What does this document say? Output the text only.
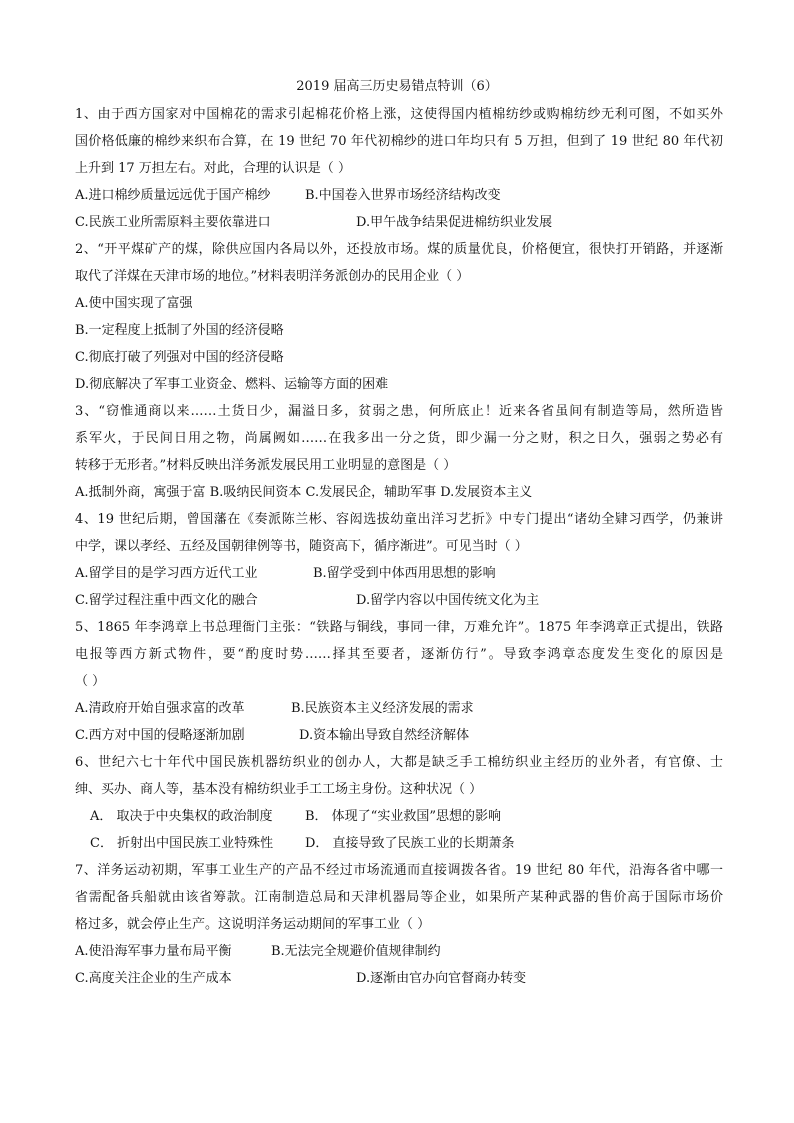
2019 届高三历史易错点特训（6）
1、由于西方国家对中国棉花的需求引起棉花价格上涨，这使得国内植棉纺纱或购棉纺纱无利可图，不如买外
国价格低廉的棉纱来织布合算，在 19 世纪 70 年代初棉纱的进口年均只有 5 万担，但到了 19 世纪 80 年代初
上升到 17 万担左右。对此，合理的认识是（ ）
A.进口棉纱质量远远优于国产棉纱	B.中国卷入世界市场经济结构改变
C.民族工业所需原料主要依靠进口	D.甲午战争结果促进棉纺织业发展
2、“开平煤矿产的煤，除供应国内各局以外，还投放市场。煤的质量优良，价格便宜，很快打开销路，并逐渐
取代了洋煤在天津市场的地位。”材料表明洋务派创办的民用企业（ ）
A.使中国实现了富强
B.一定程度上抵制了外国的经济侵略
C.彻底打破了列强对中国的经济侵略
D.彻底解决了军事工业资金、燃料、运输等方面的困难
3、“窃惟通商以来……土货日少，漏溢日多，贫弱之患，何所底止！近来各省虽间有制造等局，然所造皆
系军火，于民间日用之物，尚属阙如……在我多出一分之货，即少漏一分之财，积之日久，强弱之势必有
转移于无形者。”材料反映出洋务派发展民用工业明显的意图是（ ）
A.抵制外商，寓强于富 B.吸纳民间资本 C.发展民企，辅助军事 D.发展资本主义
4、19 世纪后期，曾国藩在《奏派陈兰彬、容闳选拔幼童出洋习艺折》中专门提出“诸幼全肄习西学，仍兼讲
中学，课以孝经、五经及国朝律例等书，随资高下，循序渐进”。可见当时（ ）
A.留学目的是学习西方近代工业	B.留学受到中体西用思想的影响
C.留学过程注重中西文化的融合	D.留学内容以中国传统文化为主
5、1865 年李鸿章上书总理衙门主张：“铁路与铜线，事同一律，万难允许”。1875 年李鸿章正式提出，铁路
电报等西方新式物件，要“酌度时势……择其至要者，逐渐仿行”。导致李鸿章态度发生变化的原因是
（ ）
A.清政府开始自强求富的改革	B.民族资本主义经济发展的需求
C.西方对中国的侵略逐渐加剧	D.资本输出导致自然经济解体
6、世纪六七十年代中国民族机器纺织业的创办人，大都是缺乏手工棉纺织业主经历的业外者，有官僚、士
绅、买办、商人等，基本没有棉纺织业手工工场主身份。这种状况（ ）
A． 取决于中央集权的政治制度 B． 体现了“实业救国”思想的影响
C． 折射出中国民族工业特殊性 D． 直接导致了民族工业的长期萧条
7、洋务运动初期，军事工业生产的产品不经过市场流通而直接调拨各省。19 世纪 80 年代，沿海各省中哪一
省需配备兵船就由该省筹款。江南制造总局和天津机器局等企业，如果所产某种武器的售价高于国际市场价
格过多，就会停止生产。这说明洋务运动期间的军事工业（ ）
A.使沿海军事力量布局平衡	B.无法完全规避价值规律制约
C.高度关注企业的生产成本	D.逐渐由官办向官督商办转变
